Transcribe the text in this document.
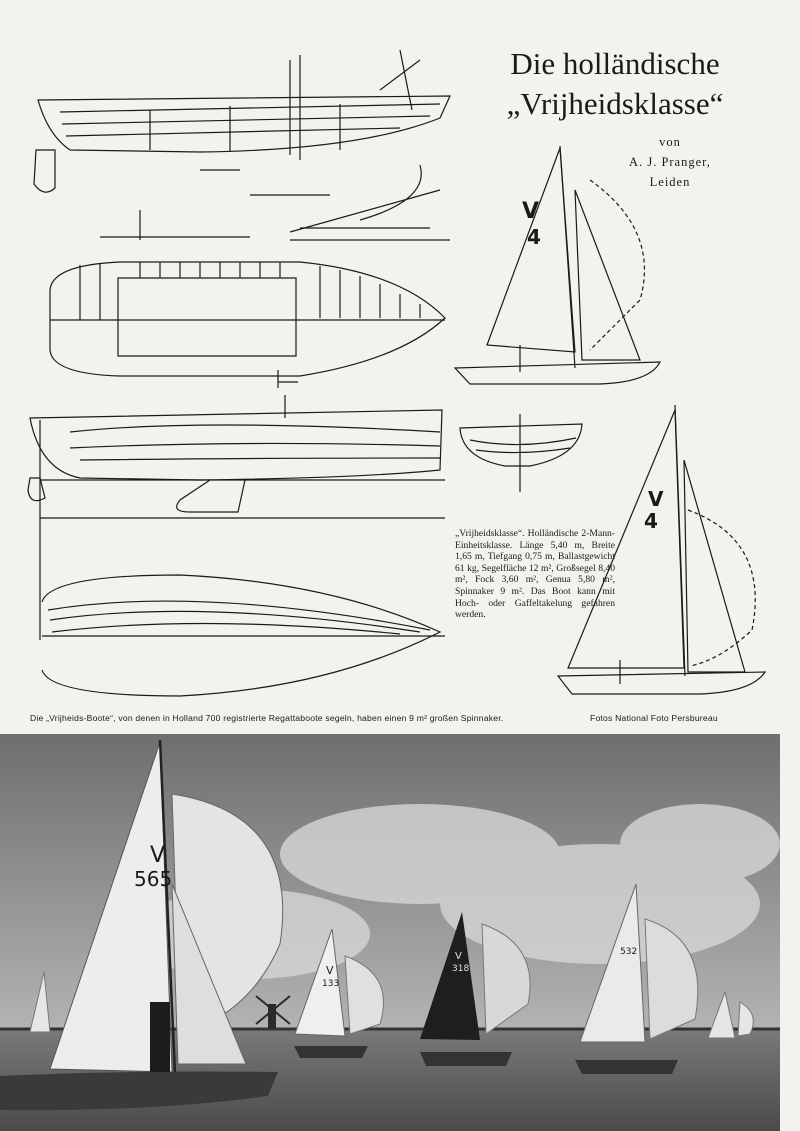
Die holländische
„Vrijheidsklasse“
von
A. J. Pranger,
Leiden
V
4
V
4
„Vrijheidsklasse“. Holländische 2-Mann-Einheitsklasse. Länge 5,40 m, Breite 1,65 m, Tiefgang 0,75 m, Ballastgewicht 61 kg, Segelfläche 12 m², Großsegel 8,40 m², Fock 3,60 m², Genua 5,80 m², Spinnaker 9 m². Das Boot kann mit Hoch- oder Gaffeltakelung gefahren werden.
Die „Vrijheids-Boote“, von denen in Holland 700 registrierte Regattaboote segeln, haben einen 9 m² großen Spinnaker.	Fotos National Foto Persbureau
V
565
V
133
V
318
532
